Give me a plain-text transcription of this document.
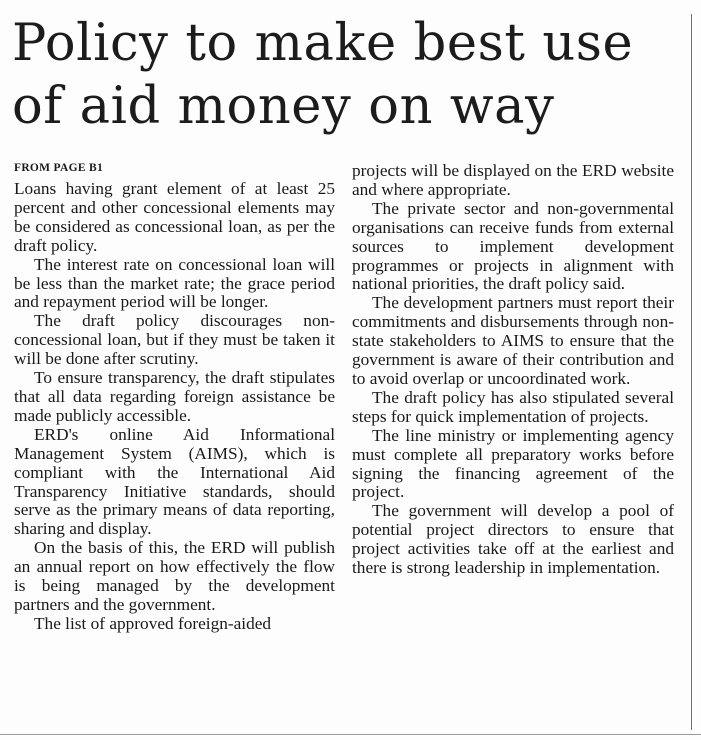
Policy to make best use of aid money on way
FROM PAGE B1

Loans having grant element of at least 25 percent and other concessional elements may be considered as concessional loan, as per the draft policy.

The interest rate on concessional loan will be less than the market rate; the grace period and repayment period will be longer.

The draft policy discourages non-concessional loan, but if they must be taken it will be done after scrutiny.

To ensure transparency, the draft stipulates that all data regarding foreign assistance be made publicly accessible.

ERD's online Aid Informational Management System (AIMS), which is compliant with the International Aid Transparency Initiative standards, should serve as the primary means of data reporting, sharing and display.

On the basis of this, the ERD will publish an annual report on how effectively the flow is being managed by the development partners and the government.

The list of approved foreign-aided

projects will be displayed on the ERD website and where appropriate.

The private sector and non-governmental organisations can receive funds from external sources to implement development programmes or projects in alignment with national priorities, the draft policy said.

The development partners must report their commitments and disbursements through non-state stakeholders to AIMS to ensure that the government is aware of their contribution and to avoid overlap or uncoordinated work.

The draft policy has also stipulated several steps for quick implementation of projects.

The line ministry or implementing agency must complete all preparatory works before signing the financing agreement of the project.

The government will develop a pool of potential project directors to ensure that project activities take off at the earliest and there is strong leadership in implementation.
